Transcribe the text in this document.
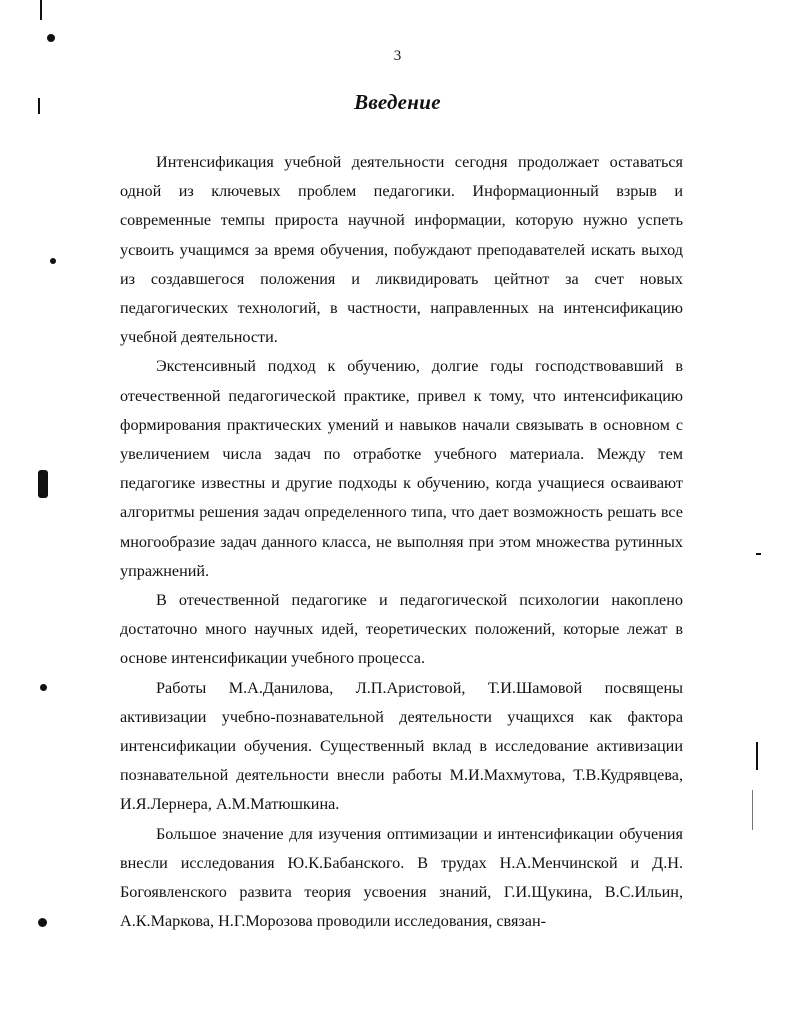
3
Введение

Интенсификация учебной деятельности сегодня продолжает оставаться одной из ключевых проблем педагогики. Информационный взрыв и современные темпы прироста научной информации, которую нужно успеть усвоить учащимся за время обучения, побуждают преподавателей искать выход из создавшегося положения и ликвидировать цейтнот за счет новых педагогических технологий, в частности, направленных на интенсификацию учебной деятельности.

Экстенсивный подход к обучению, долгие годы господствовавший в отечественной педагогической практике, привел к тому, что интенсификацию формирования практических умений и навыков начали связывать в основном с увеличением числа задач по отработке учебного материала. Между тем педагогике известны и другие подходы к обучению, когда учащиеся осваивают алгоритмы решения задач определенного типа, что дает возможность решать все многообразие задач данного класса, не выполняя при этом множества рутинных упражнений.

В отечественной педагогике и педагогической психологии накоплено достаточно много научных идей, теоретических положений, которые лежат в основе интенсификации учебного процесса.

Работы М.А.Данилова, Л.П.Аристовой, Т.И.Шамовой посвящены активизации учебно-познавательной деятельности учащихся как фактора интенсификации обучения. Существенный вклад в исследование активизации познавательной деятельности внесли работы М.И.Махмутова, Т.В.Кудрявцева, И.Я.Лернера, А.М.Матюшкина.

Большое значение для изучения оптимизации и интенсификации обучения внесли исследования Ю.К.Бабанского. В трудах Н.А.Менчинской и Д.Н. Богоявленского развита теория усвоения знаний, Г.И.Щукина, В.С.Ильин, А.К.Маркова, Н.Г.Морозова проводили исследования, связан-
